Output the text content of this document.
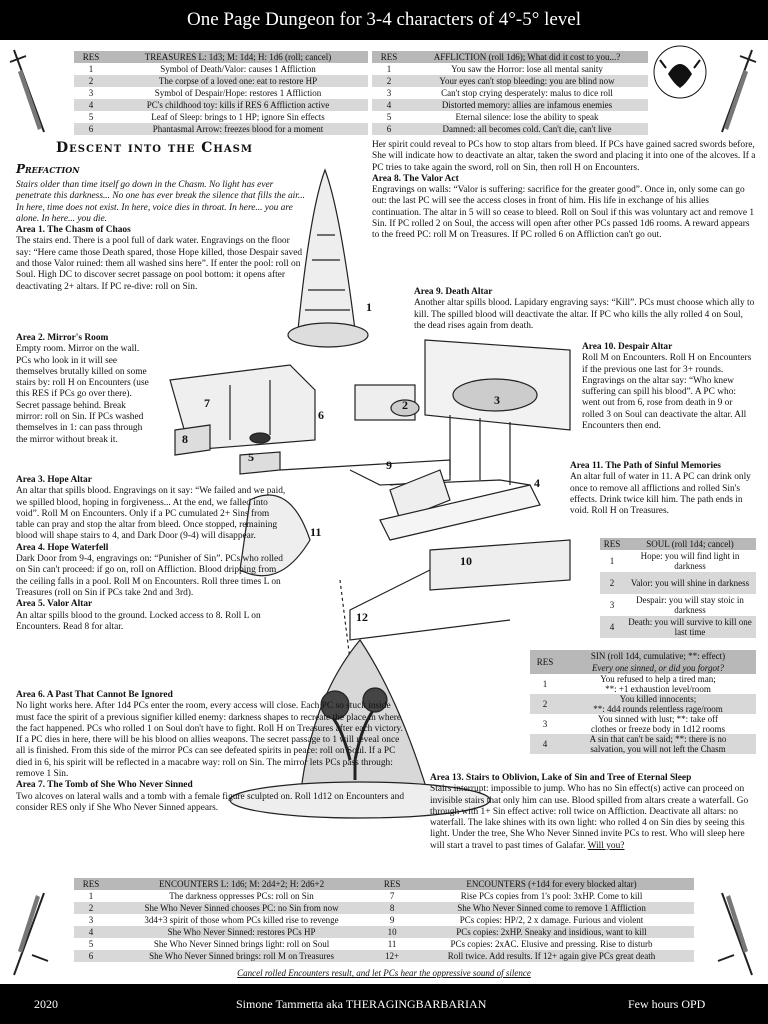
One Page Dungeon for 3-4 characters of 4°-5° level
RES	TREASURES L: 1d3; M: 1d4; H: 1d6 (roll; cancel)
1	Symbol of Death/Valor: causes 1 Affliction
2	The corpse of a loved one: eat to restore HP
3	Symbol of Despair/Hope: restores 1 Affliction
4	PC's childhood toy: kills if RES 6 Affliction active
5	Leaf of Sleep: brings to 1 HP; ignore Sin effects
6	Phantasmal Arrow: freezes blood for a moment
RES	AFFLICTION (roll 1d6); What did it cost to you...?
1	You saw the Horror: lose all mental sanity
2	Your eyes can't stop bleeding: you are blind now
3	Can't stop crying desperately: malus to dice roll
4	Distorted memory: allies are infamous enemies
5	Eternal silence: lose the ability to speak
6	Damned: all becomes cold. Can't die, can't live
Descent into the Chasm
Prefaction
1
2	3
4
5
6
7
8
9
10
11
12

Stairs older than time itself go down in the Chasm. No light has ever penetrate this darkness... No one has ever break the silence that fills the air... In here, time does not exist. In here, voice dies in throat. In here... you are alone. In here... you die.

Area 1. The Chasm of Chaos

The stairs end. There is a pool full of dark water. Engravings on the floor say: “Here came those Death spared, those Hope killed, those Despair saved and those Valor ruined: them all washed sins here”. If enter the pool: roll on Soul. High DC to discover secret passage on pool bottom: it opens after deactivating 2+ altars. If PC re-dive: roll on Sin.

Area 2. Mirror's Room

Empty room. Mirror on the wall. PCs who look in it will see themselves brutally killed on some stairs by: roll H on Encounters (use this RES if PCs go over there). Secret passage behind. Break mirror: roll on Sin. If PCs washed themselves in 1: can pass through the mirror without break it.

Area 3. Hope Altar

An altar that spills blood. Engravings on it say: “We failed and we paid, we spilled blood, hoping in forgiveness... At the end, we falled into void”. Roll M on Encounters. Only if a PC cumulated 2+ Sins from table can pray and stop the altar from bleed. Once stopped, remaining blood will shape stairs to 4, and Dark Door (9-4) will disappear.

Area 4. Hope Waterfell

Dark Door from 9-4, engravings on: “Punisher of Sin”. PCs who rolled on Sin can't proceed: if go on, roll on Affliction. Blood dripping from the ceiling falls in a pool. Roll M on Encounters. Roll three times L on Treasures (roll on Sin if PCs take 2nd and 3rd).

Area 5. Valor Altar

An altar spills blood to the ground. Locked access to 8. Roll L on Encounters. Read 8 for altar.

Area 6. A Past That Cannot Be Ignored

No light works here. After 1d4 PCs enter the room, every access will close. Each PC so stuck inside must face the spirit of a previous signifier killed enemy: darkness shapes to recreate the place in where the fact happened. PCs who rolled 1 on Soul don't have to fight. Roll H on Treasures after each victory. If a PC dies in here, there will be his blood on allies weapons. The secret passage to 1 will reveal once all is finished. From this side of the mirror PCs can see defeated spirits in peace: roll on Soul. If a PC died in 6, his spirit will be reflected in a macabre way: roll on Sin. The mirror lets PCs pass through: remove 1 Sin.

Area 7. The Tomb of She Who Never Sinned

Two alcoves on lateral walls and a tomb with a female figure sculpted on. Roll 1d12 on Encounters and consider RES only if She Who Never Sinned appears.

Her spirit could reveal to PCs how to stop altars from bleed. If PCs have gained sacred swords before, She will indicate how to deactivate an altar, taken the sword and placing it into one of the alcoves. If a PC tries to take again the sword, roll on Sin, then roll H on Encounters.

Area 8. The Valor Act

Engravings on walls: “Valor is suffering: sacrifice for the greater good”. Once in, only some can go out: the last PC will see the access closes in front of him. His life in exchange of his allies continuation. The altar in 5 will so cease to bleed. Roll on Soul if this was voluntary act and remove 1 Sin. If PC rolled 2 on Soul, the access will open after other PCs passed 1d6 rooms. A reward appears to the freed PC: roll M on Treasures. If PC rolled 6 on Affliction can't go out.

Area 9. Death Altar

Another altar spills blood. Lapidary engraving says: “Kill”. PCs must choose which ally to kill. The spilled blood will deactivate the altar. If PC who kills the ally rolled 4 on Soul, the dead rises again from death.

Area 10. Despair Altar

Roll M on Encounters. Roll H on Encounters if the previous one last for 3+ rounds. Engravings on the altar say: “Who knew suffering can spill his blood”. A PC who: went out from 6, rose from death in 9 or rolled 3 on Soul can deactivate the altar. All Encounters then end.

Area 11. The Path of Sinful Memories

An altar full of water in 11. A PC can drink only once to remove all afflictions and rolled Sin's effects. Drink twice kill him. The path ends in void. Roll H on Treasures.

RES	SOUL (roll 1d4; cancel)
1	Hope: you will find light in darkness
2	Valor: you will shine in darkness
3	Despair: you will stay stoic in darkness
4	Death: you will survive to kill one last time
RES	SIN (roll 1d4, cumulative; **: effect)
	Every one sinned, or did you forgot?
1	You refused to help a tired man;
**: +1 exhaustion level/room

2	You killed innocents;
**: 4d4 rounds relentless rage/room

3	You sinned with lust; **: take off
clothes or freeze body in 1d12 rooms

4	A sin that can't be said; **: there is no
salvation, you will not left the Chasm

Area 13. Stairs to Oblivion, Lake of Sin and Tree of Eternal Sleep

Stairs interrupt: impossible to jump. Who has no Sin effect(s) active can proceed on invisible stairs that only him can use. Blood spilled from altars create a waterfall. Go through with 1+ Sin effect active: roll twice on Affliction. Deactivate all altars: no waterfall. The lake shines with its own light: who rolled 4 on Sin dies by seeing this light. Under the tree, She Who Never Sinned invite PCs to rest. Who will sleep here will start a travel to past times of Galafar. Will you?

RES	ENCOUNTERS L: 1d6; M: 2d4+2; H: 2d6+2	RES	ENCOUNTERS (+1d4 for every blocked altar)
1	The darkness oppresses PCs: roll on Sin	7	Rise PCs copies from 1's pool: 3xHP. Come to kill
2	She Who Never Sinned chooses PC: no Sin from now	8	She Who Never Sinned come to remove 1 Affliction
3	3d4+3 spirit of those whom PCs killed rise to revenge	9	PCs copies: HP/2, 2 x damage. Furious and violent
4	She Who Never Sinned: restores PCs HP	10	PCs copies: 2xHP. Sneaky and insidious, want to kill
5	She Who Never Sinned brings light: roll on Soul	11	PCs copies: 2xAC. Elusive and pressing. Rise to disturb
6	She Who Never Sinned brings: roll M on Treasures	12+	Roll twice. Add results. If 12+ again give PCs great death
Cancel rolled Encounters result, and let PCs hear the oppressive sound of silence
2020	Simone Tammetta aka THERAGINGBARBARIAN	Few hours OPD
